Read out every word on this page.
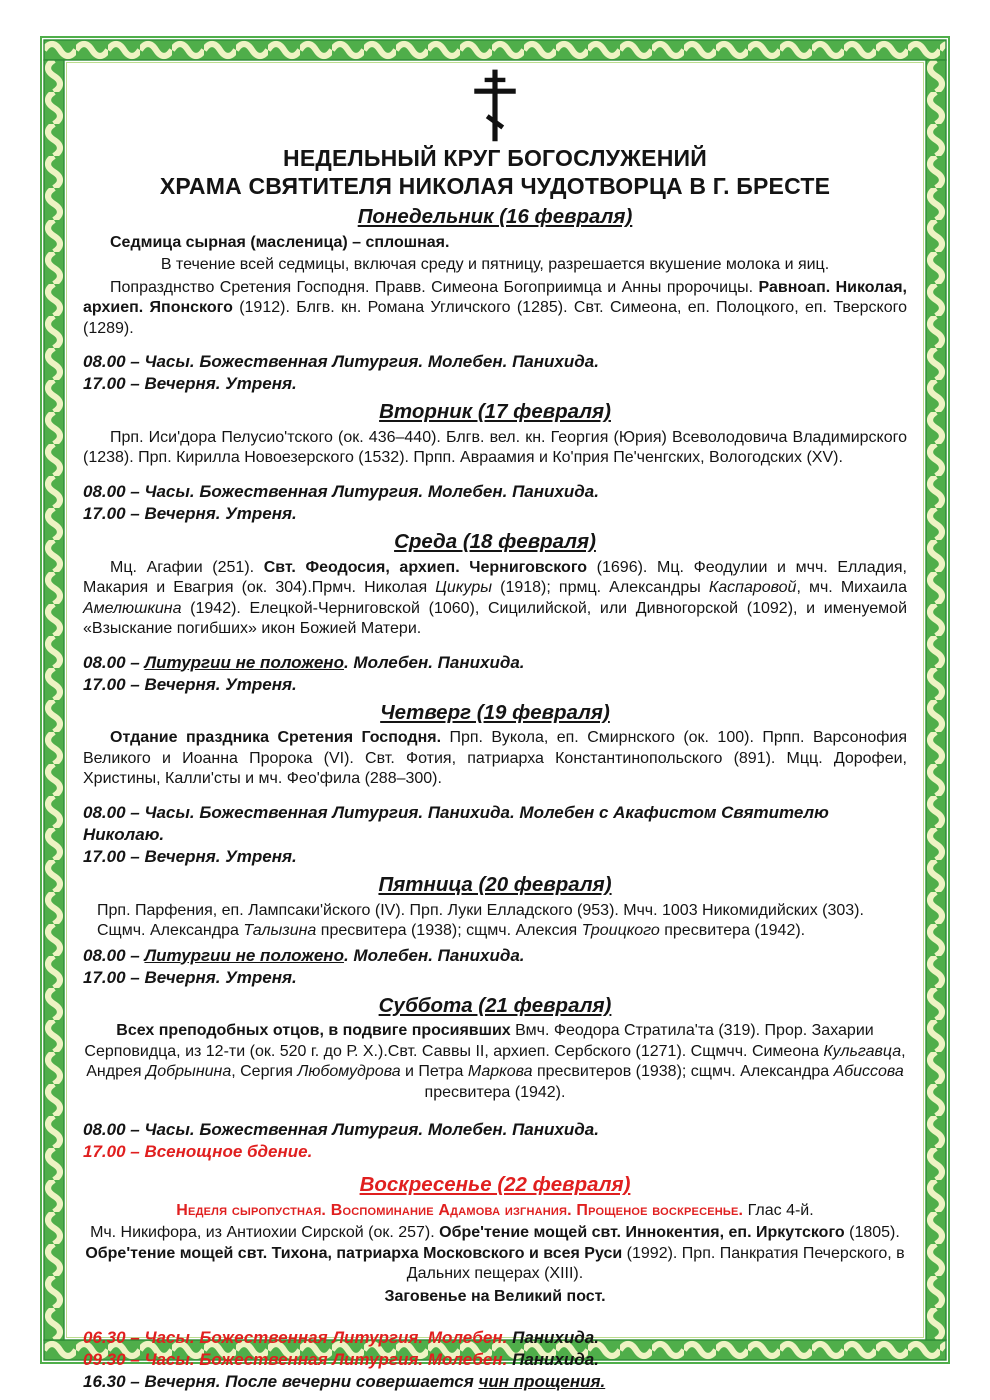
НЕДЕЛЬНЫЙ КРУГ БОГОСЛУЖЕНИЙ
ХРАМА СВЯТИТЕЛЯ НИКОЛАЯ ЧУДОТВОРЦА В Г. БРЕСТЕ
Понедельник (16 февраля)

Седмица сырная (масленица) – сплошная.

В течение всей седмицы, включая среду и пятницу, разрешается вкушение молока и яиц.

Попразднство Сретения Господня. Правв. Симеона Богоприимца и Анны пророчицы. Равноап. Николая, архиеп. Японского (1912). Блгв. кн. Романа Угличского (1285). Свт. Симеона, еп. Полоцкого, еп. Тверского (1289).

08.00 – Часы. Божественная Литургия. Молебен. Панихида.
17.00 – Вечерня. Утреня.
Вторник (17 февраля)

Прп. Иси'дора Пелусио'тского (ок. 436–440). Блгв. вел. кн. Георгия (Юрия) Всеволодовича Владимирского (1238). Прп. Кирилла Новоезерского (1532). Прпп. Авраамия и Ко'прия Пе'ченгских, Вологодских (XV).

08.00 – Часы. Божественная Литургия. Молебен. Панихида.
17.00 – Вечерня. Утреня.
Среда (18 февраля)

Мц. Агафии (251). Свт. Феодосия, архиеп. Черниговского (1696). Мц. Феодулии и мчч. Елладия, Макария и Евагрия (ок. 304).Прмч. Николая Цикуры (1918); прмц. Александры Каспаровой, мч. Михаила Амелюшкина (1942). Елецкой-Черниговской (1060), Сицилийской, или Дивногорской (1092), и именуемой «Взыскание погибших» икон Божией Матери.

08.00 – Литургии не положено. Молебен. Панихида.
17.00 – Вечерня. Утреня.
Четверг (19 февраля)

Отдание праздника Сретения Господня. Прп. Вукола, еп. Смирнского (ок. 100). Прпп. Варсонофия Великого и Иоанна Пророка (VI). Свт. Фотия, патриарха Константинопольского (891). Мцц. Дорофеи, Христины, Калли'сты и мч. Фео'фила (288–300).

08.00 – Часы. Божественная Литургия. Панихида. Молебен с Акафистом Святителю Николаю.
17.00 – Вечерня. Утреня.
Пятница (20 февраля)

Прп. Парфения, еп. Лампсаки'йского (IV). Прп. Луки Елладского (953). Мчч. 1003 Никомидийских (303). Сщмч. Александра Талызина пресвитера (1938); сщмч. Алексия Троицкого пресвитера (1942).

08.00 – Литургии не положено. Молебен. Панихида.
17.00 – Вечерня. Утреня.
Суббота (21 февраля)

Всех преподобных отцов, в подвиге просиявших Вмч. Феодора Стратила'та (319). Прор. Захарии Серповидца, из 12-ти (ок. 520 г. до Р. Х.).Свт. Саввы II, архиеп. Сербского (1271). Сщмчч. Симеона Кульгавца, Андрея Добрынина, Сергия Любомудрова и Петра Маркова пресвитеров (1938); сщмч. Александра Абиссова пресвитера (1942).

08.00 – Часы. Божественная Литургия. Молебен. Панихида.
17.00 – Всенощное бдение.
Воскресенье (22 февраля)

Неделя сыропустная. Воспоминание Адамова изгнания. Прощеное воскресенье. Глас 4-й.

Мч. Никифора, из Антиохии Сирской (ок. 257). Обре'тение мощей свт. Иннокентия, еп. Иркутского (1805). Обре'тение мощей свт. Тихона, патриарха Московского и всея Руси (1992). Прп. Панкратия Печерского, в Дальних пещерах (XIII).

Заговенье на Великий пост.

06.30 – Часы. Божественная Литургия. Молебен. Панихида.
09.30 – Часы. Божественная Литургия. Молебен. Панихида.
16.30 – Вечерня. После вечерни совершается чин прощения.
